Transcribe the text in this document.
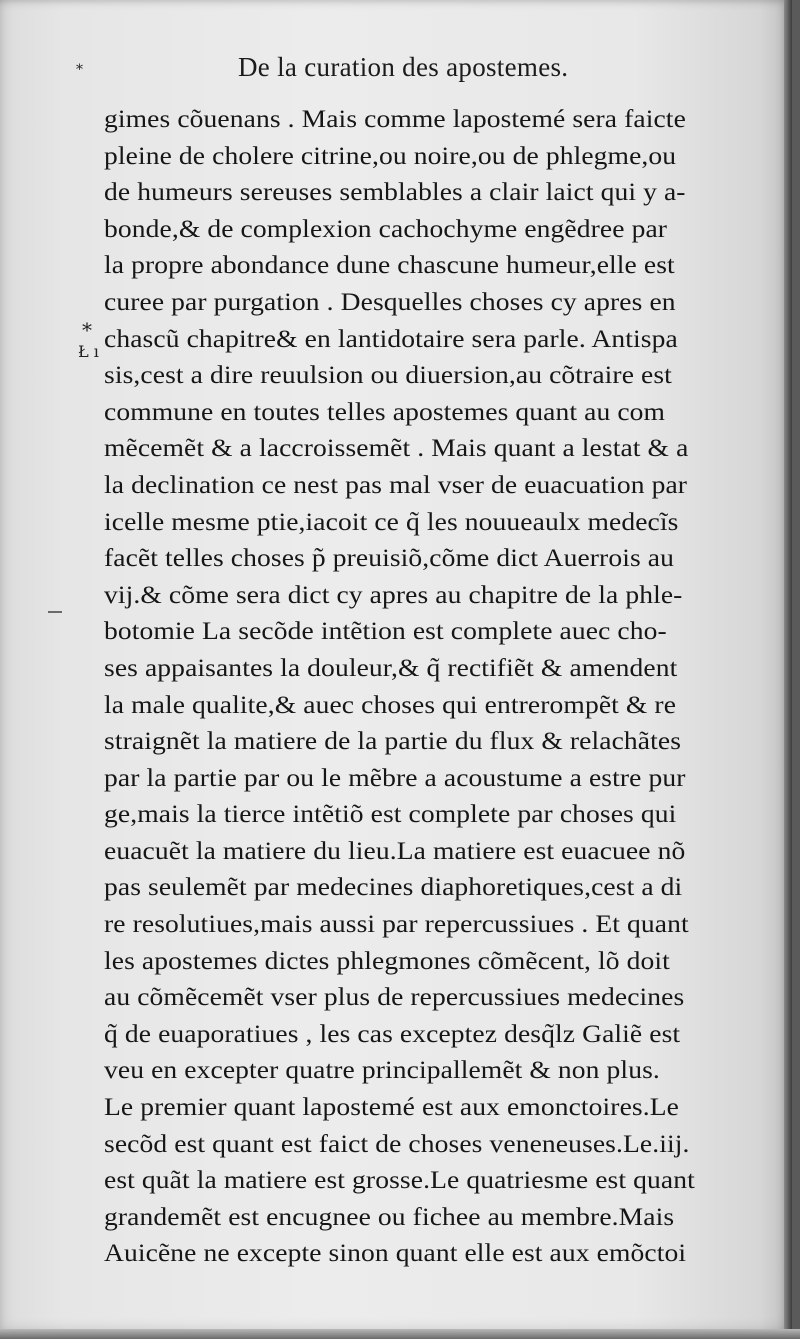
De la curation des apostemes.
*
*
Ł ı
gimes cõuenans . Mais comme lapostemé sera faicte
pleine de cholere citrine,ou noire,ou de phlegme,ou
de humeurs sereuses semblables a clair laict qui y a-
bonde,& de complexion cachochyme engẽdree par
la propre abondance dune chascune humeur,elle est
curee par purgation . Desquelles choses cy apres en
chascũ chapitre& en lantidotaire sera parle. Antispa
sis,cest a dire reuulsion ou diuersion,au cõtraire est
commune en toutes telles apostemes quant au com
mẽcemẽt & a laccroissemẽt . Mais quant a lestat & a
la declination ce nest pas mal vser de euacuation par
icelle mesme ptie,iacoit ce q̃ les nouueaulx medecĩs
facẽt telles choses p̃ preuisiõ,cõme dict Auerrois au
vij.& cõme sera dict cy apres au chapitre de la phle-
botomie La secõde intẽtion est complete auec cho-
ses appaisantes la douleur,& q̃ rectifiẽt & amendent
la male qualite,& auec choses qui entrerompẽt & re
straignẽt la matiere de la partie du flux & relachãtes
par la partie par ou le mẽbre a acoustume a estre pur
ge,mais la tierce intẽtiõ est complete par choses qui
euacuẽt la matiere du lieu.La matiere est euacuee nõ
pas seulemẽt par medecines diaphoretiques,cest a di
re resolutiues,mais aussi par repercussiues . Et quant
les apostemes dictes phlegmones cõmẽcent, lõ doit
au cõmẽcemẽt vser plus de repercussiues medecines
q̃ de euaporatiues , les cas exceptez desq̃lz Galiẽ est
veu en excepter quatre principallemẽt & non plus.
Le premier quant lapostemé est aux emonctoires.Le
secõd est quant est faict de choses veneneuses.Le.iij.
est quãt la matiere est grosse.Le quatriesme est quant
grandemẽt est encugnee ou fichee au membre.Mais
Auicẽne ne excepte sinon quant elle est aux emõctoi
